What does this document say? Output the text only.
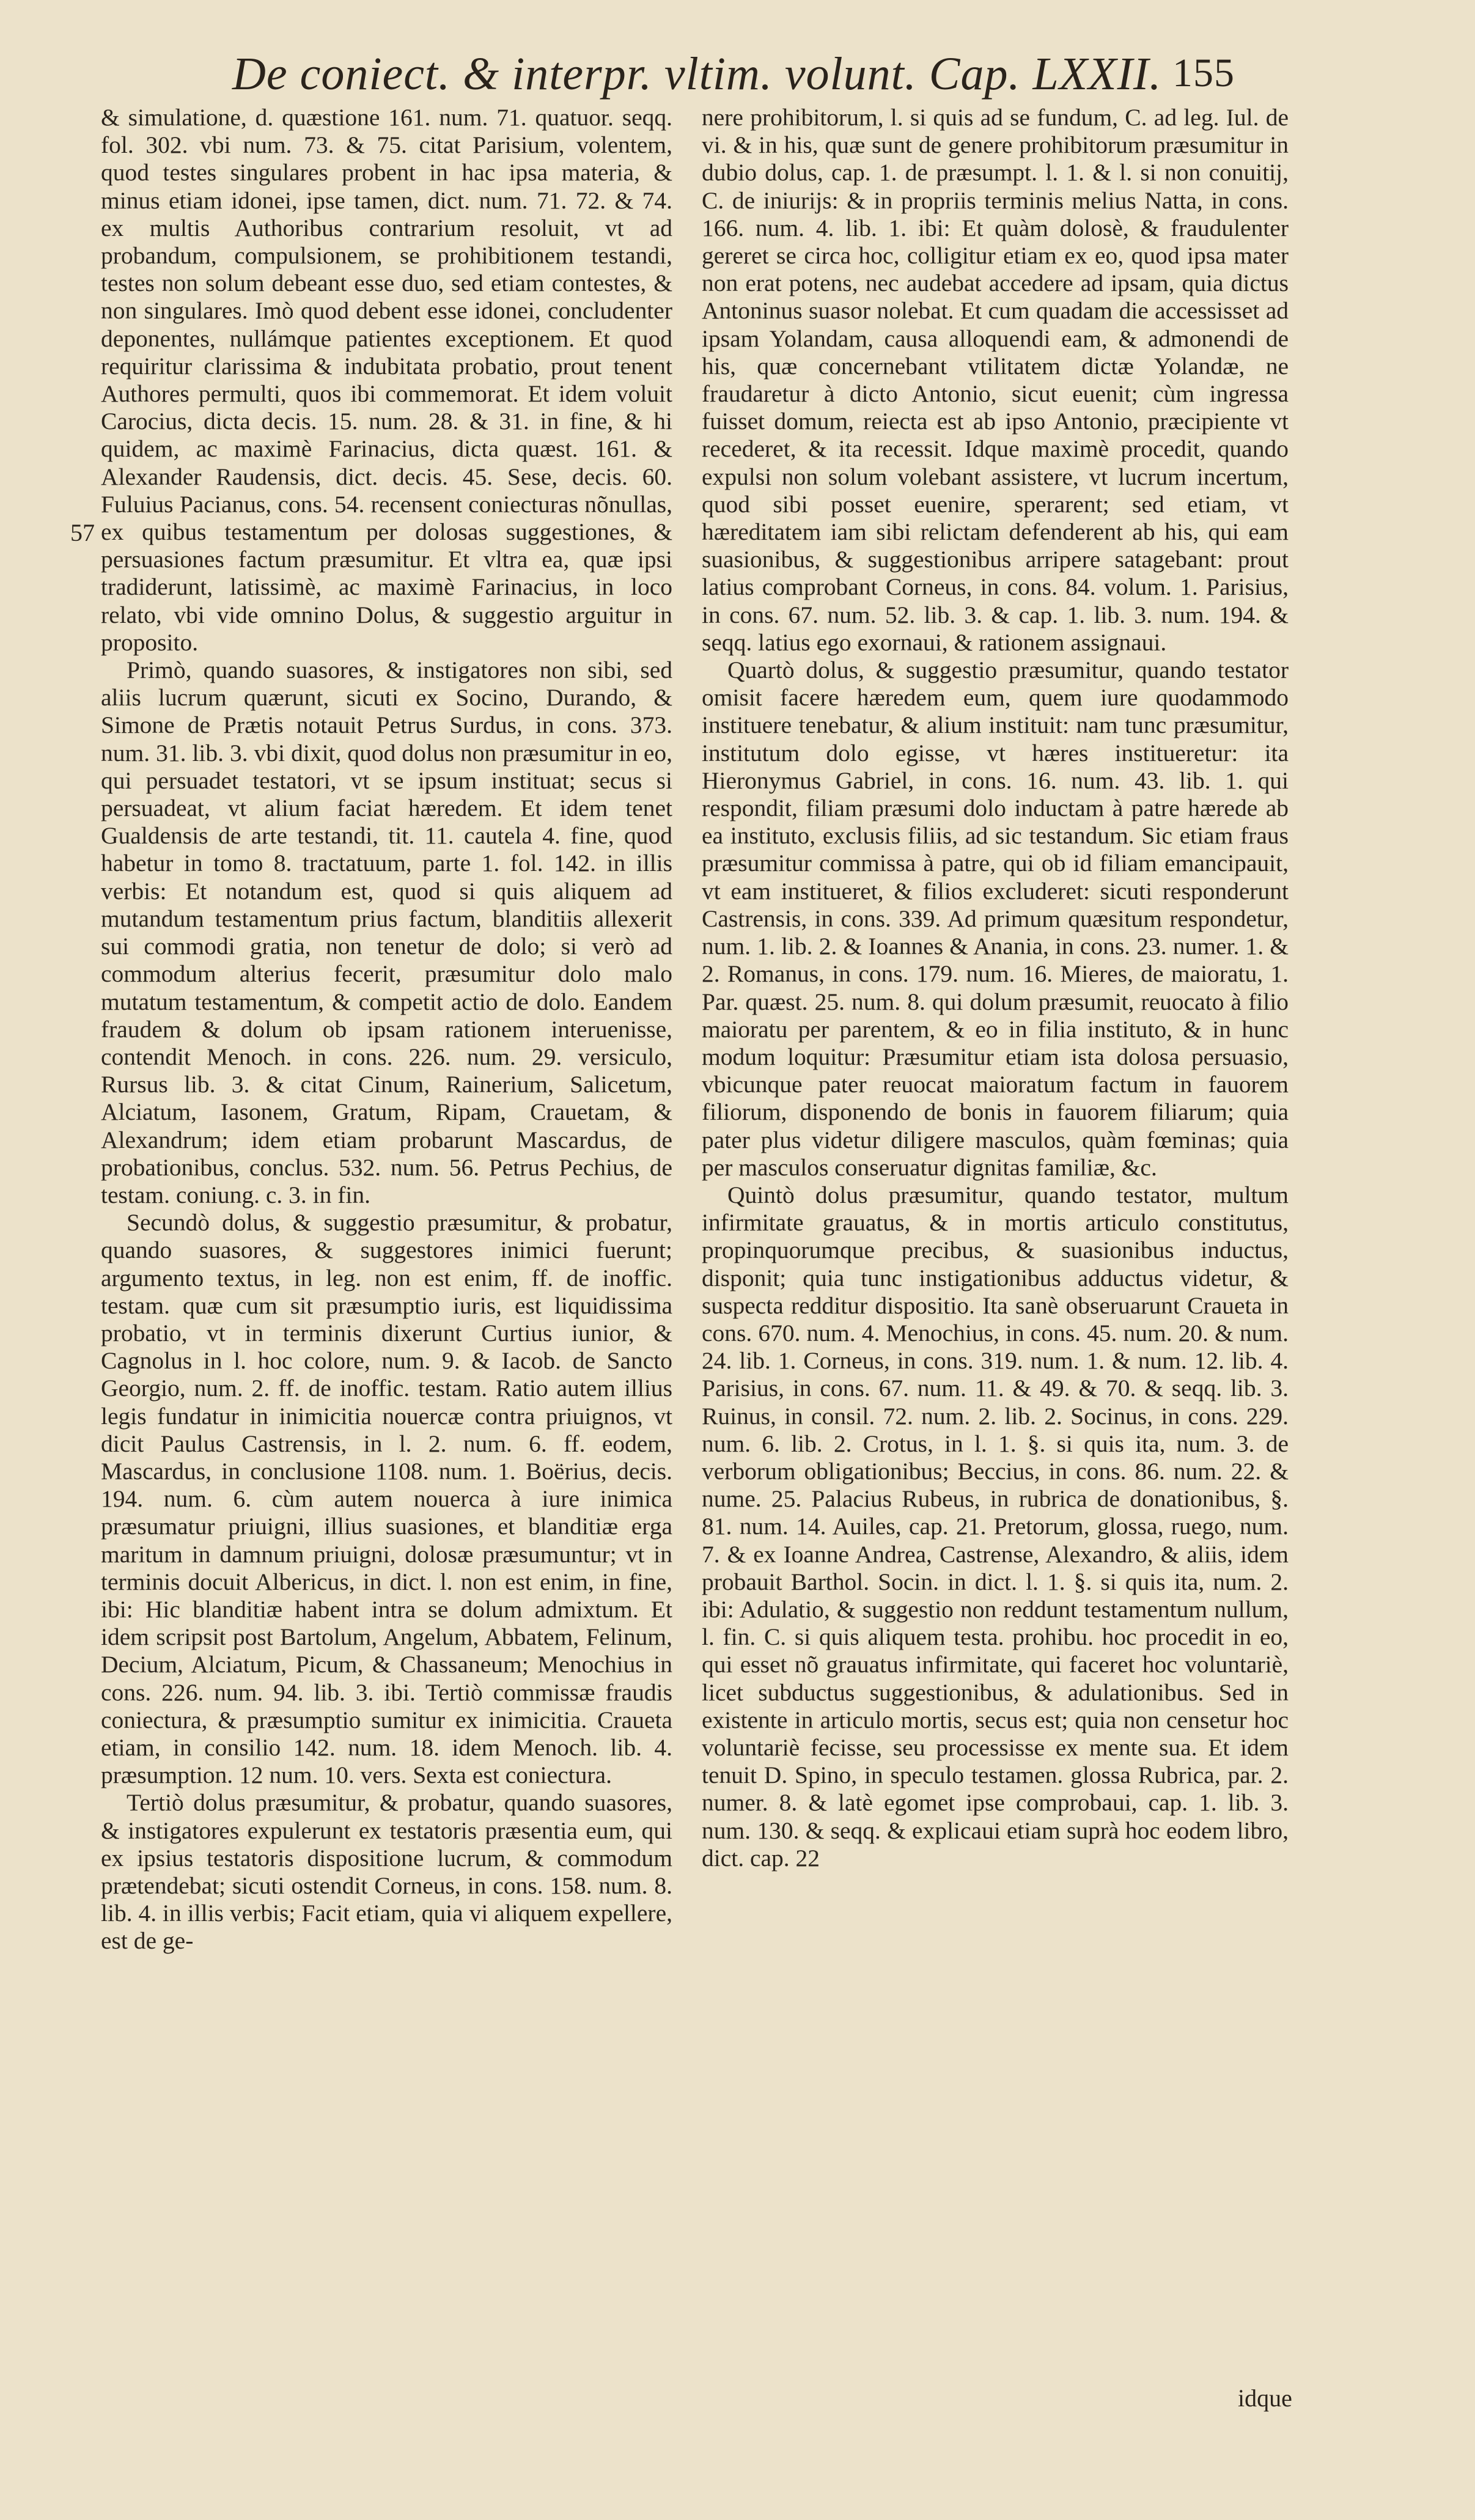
De coniect. & interpr. vltim. volunt. Cap. LXXII. 155
57

& simulatione, d. quæstione 161. num. 71. quatuor. seqq. fol. 302. vbi num. 73. & 75. citat Parisium, volentem, quod testes singulares probent in hac ipsa materia, & minus etiam idonei, ipse tamen, dict. num. 71. 72. & 74. ex multis Authoribus contrarium resoluit, vt ad probandum, compulsionem, se prohibitionem testandi, testes non solum debeant esse duo, sed etiam contestes, & non singulares. Imò quod debent esse idonei, concludenter deponentes, nullámque patientes exceptionem. Et quod requiritur clarissima & indubitata probatio, prout tenent Authores permulti, quos ibi commemorat. Et idem voluit Carocius, dicta decis. 15. num. 28. & 31. in fine, & hi quidem, ac maximè Farinacius, dicta quæst. 161. & Alexander Raudensis, dict. decis. 45. Sese, decis. 60. Fuluius Pacianus, cons. 54. recensent coniecturas nõnullas, ex quibus testamentum per dolosas suggestiones, & persuasiones factum præsumitur. Et vltra ea, quæ ipsi tradiderunt, latissimè, ac maximè Farinacius, in loco relato, vbi vide omnino Dolus, & suggestio arguitur in proposito.

Primò, quando suasores, & instigatores non sibi, sed aliis lucrum quærunt, sicuti ex Socino, Durando, & Simone de Prætis notauit Petrus Surdus, in cons. 373. num. 31. lib. 3. vbi dixit, quod dolus non præsumitur in eo, qui persuadet testatori, vt se ipsum instituat; secus si persuadeat, vt alium faciat hæredem. Et idem tenet Gualdensis de arte testandi, tit. 11. cautela 4. fine, quod habetur in tomo 8. tractatuum, parte 1. fol. 142. in illis verbis: Et notandum est, quod si quis aliquem ad mutandum testamentum prius factum, blanditiis allexerit sui commodi gratia, non tenetur de dolo; si verò ad commodum alterius fecerit, præsumitur dolo malo mutatum testamentum, & competit actio de dolo. Eandem fraudem & dolum ob ipsam rationem interuenisse, contendit Menoch. in cons. 226. num. 29. versiculo, Rursus lib. 3. & citat Cinum, Rainerium, Salicetum, Alciatum, Iasonem, Gratum, Ripam, Crauetam, & Alexandrum; idem etiam probarunt Mascardus, de probationibus, conclus. 532. num. 56. Petrus Pechius, de testam. coniung. c. 3. in fin.

Secundò dolus, & suggestio præsumitur, & probatur, quando suasores, & suggestores inimici fuerunt; argumento textus, in leg. non est enim, ff. de inoffic. testam. quæ cum sit præsumptio iuris, est liquidissima probatio, vt in terminis dixerunt Curtius iunior, & Cagnolus in l. hoc colore, num. 9. & Iacob. de Sancto Georgio, num. 2. ff. de inoffic. testam. Ratio autem illius legis fundatur in inimicitia nouercæ contra priuignos, vt dicit Paulus Castrensis, in l. 2. num. 6. ff. eodem, Mascardus, in conclusione 1108. num. 1. Boërius, decis. 194. num. 6. cùm autem nouerca à iure inimica præsumatur priuigni, illius suasiones, et blanditiæ erga maritum in damnum priuigni, dolosæ præsumuntur; vt in terminis docuit Albericus, in dict. l. non est enim, in fine, ibi: Hic blanditiæ habent intra se dolum admixtum. Et idem scripsit post Bartolum, Angelum, Abbatem, Felinum, Decium, Alciatum, Picum, & Chassaneum; Menochius in cons. 226. num. 94. lib. 3. ibi. Tertiò commissæ fraudis coniectura, & præsumptio sumitur ex inimicitia. Craueta etiam, in consilio 142. num. 18. idem Menoch. lib. 4. præsumption. 12 num. 10. vers. Sexta est coniectura.

Tertiò dolus præsumitur, & probatur, quando suasores, & instigatores expulerunt ex testatoris præsentia eum, qui ex ipsius testatoris dispositione lucrum, & commodum prætendebat; sicuti ostendit Corneus, in cons. 158. num. 8. lib. 4. in illis verbis; Facit etiam, quia vi aliquem expellere, est de ge-

nere prohibitorum, l. si quis ad se fundum, C. ad leg. Iul. de vi. & in his, quæ sunt de genere prohibitorum præsumitur in dubio dolus, cap. 1. de præsumpt. l. 1. & l. si non conuitij, C. de iniurijs: & in propriis terminis melius Natta, in cons. 166. num. 4. lib. 1. ibi: Et quàm dolosè, & fraudulenter gereret se circa hoc, colligitur etiam ex eo, quod ipsa mater non erat potens, nec audebat accedere ad ipsam, quia dictus Antoninus suasor nolebat. Et cum quadam die accessisset ad ipsam Yolandam, causa alloquendi eam, & admonendi de his, quæ concernebant vtilitatem dictæ Yolandæ, ne fraudaretur à dicto Antonio, sicut euenit; cùm ingressa fuisset domum, reiecta est ab ipso Antonio, præcipiente vt recederet, & ita recessit. Idque maximè procedit, quando expulsi non solum volebant assistere, vt lucrum incertum, quod sibi posset euenire, sperarent; sed etiam, vt hæreditatem iam sibi relictam defenderent ab his, qui eam suasionibus, & suggestionibus arripere satagebant: prout latius comprobant Corneus, in cons. 84. volum. 1. Parisius, in cons. 67. num. 52. lib. 3. & cap. 1. lib. 3. num. 194. & seqq. latius ego exornaui, & rationem assignaui.

Quartò dolus, & suggestio præsumitur, quando testator omisit facere hæredem eum, quem iure quodammodo instituere tenebatur, & alium instituit: nam tunc præsumitur, institutum dolo egisse, vt hæres institueretur: ita Hieronymus Gabriel, in cons. 16. num. 43. lib. 1. qui respondit, filiam præsumi dolo inductam à patre hærede ab ea instituto, exclusis filiis, ad sic testandum. Sic etiam fraus præsumitur commissa à patre, qui ob id filiam emancipauit, vt eam institueret, & filios excluderet: sicuti responderunt Castrensis, in cons. 339. Ad primum quæsitum respondetur, num. 1. lib. 2. & Ioannes & Anania, in cons. 23. numer. 1. & 2. Romanus, in cons. 179. num. 16. Mieres, de maioratu, 1. Par. quæst. 25. num. 8. qui dolum præsumit, reuocato à filio maioratu per parentem, & eo in filia instituto, & in hunc modum loquitur: Præsumitur etiam ista dolosa persuasio, vbicunque pater reuocat maioratum factum in fauorem filiorum, disponendo de bonis in fauorem filiarum; quia pater plus videtur diligere masculos, quàm fœminas; quia per masculos conseruatur dignitas familiæ, &c.

Quintò dolus præsumitur, quando testator, multum infirmitate grauatus, & in mortis articulo constitutus, propinquorumque precibus, & suasionibus inductus, disponit; quia tunc instigationibus adductus videtur, & suspecta redditur dispositio. Ita sanè obseruarunt Craueta in cons. 670. num. 4. Menochius, in cons. 45. num. 20. & num. 24. lib. 1. Corneus, in cons. 319. num. 1. & num. 12. lib. 4. Parisius, in cons. 67. num. 11. & 49. & 70. & seqq. lib. 3. Ruinus, in consil. 72. num. 2. lib. 2. Socinus, in cons. 229. num. 6. lib. 2. Crotus, in l. 1. §. si quis ita, num. 3. de verborum obligationibus; Beccius, in cons. 86. num. 22. & nume. 25. Palacius Rubeus, in rubrica de donationibus, §. 81. num. 14. Auiles, cap. 21. Pretorum, glossa, ruego, num. 7. & ex Ioanne Andrea, Castrense, Alexandro, & aliis, idem probauit Barthol. Socin. in dict. l. 1. §. si quis ita, num. 2. ibi: Adulatio, & suggestio non reddunt testamentum nullum, l. fin. C. si quis aliquem testa. prohibu. hoc procedit in eo, qui esset nõ grauatus infirmitate, qui faceret hoc voluntariè, licet subductus suggestionibus, & adulationibus. Sed in existente in articulo mortis, secus est; quia non censetur hoc voluntariè fecisse, seu processisse ex mente sua. Et idem tenuit D. Spino, in speculo testamen. glossa Rubrica, par. 2. numer. 8. & latè egomet ipse comprobaui, cap. 1. lib. 3. num. 130. & seqq. & explicaui etiam suprà hoc eodem libro, dict. cap. 22

idque
